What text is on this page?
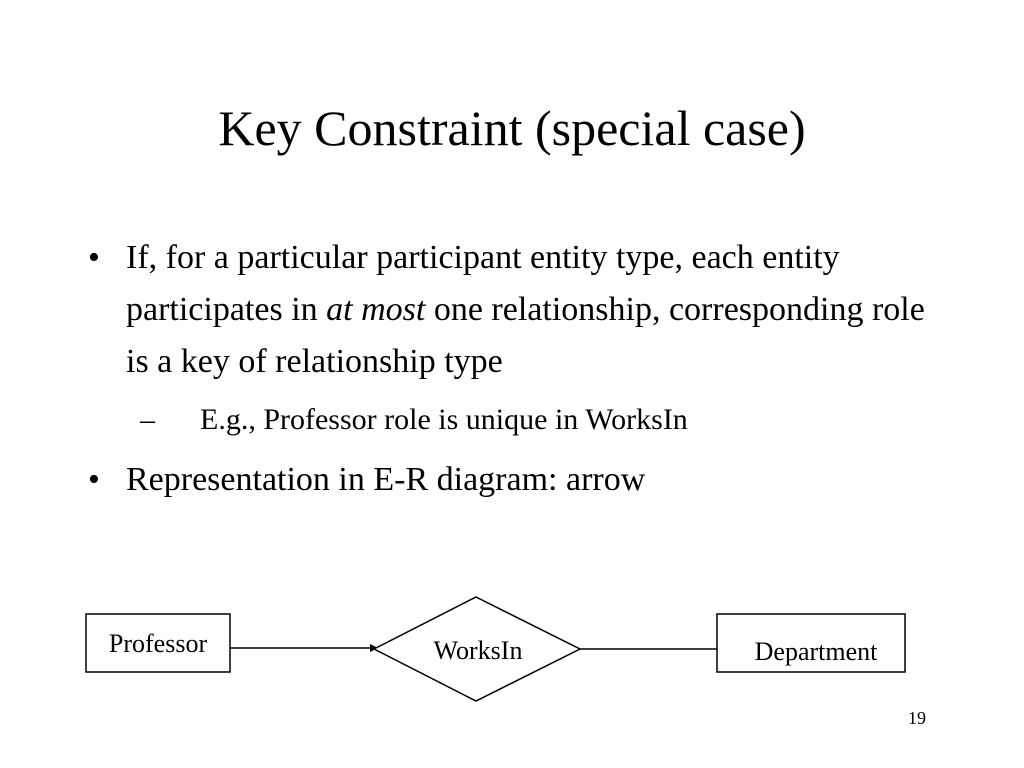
Key Constraint (special case)
• If, for a particular participant entity type, each entity participates in at most one relationship, corresponding role is a key of relationship type
– E.g., Professor role is unique in WorksIn
• Representation in E-R diagram: arrow
Professor	WorksIn	Department
19
